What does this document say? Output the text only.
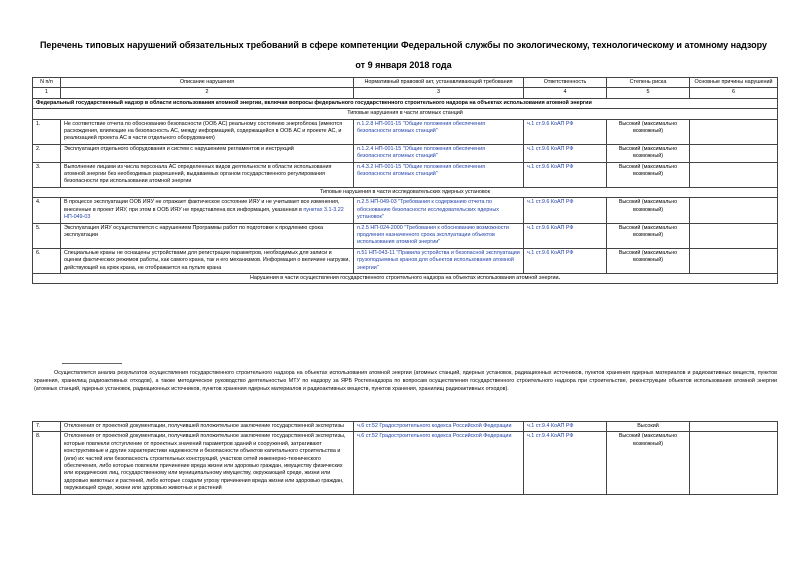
Перечень типовых нарушений обязательных требований в сфере компетенции Федеральной службы по экологическому, технологическому и атомному надзору
от 9 января 2018 года
N п/п	Описание нарушения	Нормативный правовой акт, устанавливающий требования	Ответственность	Степень риска	Основные причины нарушений
1	2	3	4	5	6
Федеральный государственный надзор в области использования атомной энергии, включая вопросы федерального государственного строительного надзора на объектах использования атомной энергии					
Типовые нарушения в части атомных станций					
1.	Не соответствие отчета по обоснованию безопасности (ООБ АС) реальному состоянию энергоблока (имеются расхождения, влияющие на безопасность АС, между информацией, содержащейся в ООБ АС и проекте АС, и реализацией проекта АС в части отдельного оборудования)	п.1.2.8 НП-001-15 "Общие положения обеспечения безопасности атомных станций"	ч.1 ст.9.6 КоАП РФ	Высокий (максимально возможный)	
2.	Эксплуатация отдельного оборудования и систем с нарушением регламентов и инструкций	п.1.2.4 НП-001-15 "Общие положения обеспечения безопасности атомных станций"	ч.1 ст.9.6 КоАП РФ	Высокий (максимально возможный)	
3.	Выполнение лицами из числа персонала АС определенных видов деятельности в области использования атомной энергии без необходимых разрешений, выдаваемых органом государственного регулирования безопасности при использовании атомной энергии	п.4.3.2 НП-001-15 "Общие положения обеспечения безопасности атомных станций"	ч.1 ст.9.6 КоАП РФ	Высокий (максимально возможный)	
Типовые нарушения в части исследовательских ядерных установок					
4.	В процессе эксплуатации ООБ ИЯУ не отражает фактическое состояние ИЯУ и не учитывает все изменения, внесенные в проект ИЯУ, при этом в ООБ ИЯУ не представлена вся информация, указанная в пунктах 3.1-3.22 НП-049-03	п.2.5 НП-049-03 "Требования к содержанию отчета по обоснованию безопасности исследовательских ядерных установок"	ч.1 ст.9.6 КоАП РФ	Высокий (максимально возможный)	
5.	Эксплуатация ИЯУ осуществляется с нарушением Программы работ по подготовке к продлению срока эксплуатации	п.2.5 НП-024-2000 "Требования к обоснованию возможности продления назначенного срока эксплуатации объектов использования атомной энергии"	ч.1 ст.9.6 КоАП РФ	Высокий (максимально возможный)	
6.	Специальные краны не оснащены устройствами для регистрации параметров, необходимых для записи и оценки фактических режимов работы, как самого крана, так и его механизмов. Информация о величине нагрузки, действующей на крюк крана, не отображается на пульте крана	п.51 НП-043-11 "Правила устройства и безопасной эксплуатации грузоподъемных кранов для объектов использования атомной энергии"	ч.1 ст.9.6 КоАП РФ	Высокий (максимально возможный)	
Нарушения в части осуществления государственного строительного надзора на объектах использования атомной энергии.					
Осуществляется анализ результатов осуществления государственного строительного надзора на объектах использования атомной энергии (атомных станций, ядерных установок, радиационных источников, пунктов хранения ядерных материалов и радиоактивных веществ, пунктов хранения, хранилищ радиоактивных отходов), а также методическое руководство деятельностью МТУ по надзору за ЯРБ Ростехнадзора по вопросам осуществления государственного строительного надзора при строительстве, реконструкции объектов использования атомной энергии (атомных станций, ядерных установок, радиационных источников, пунктов хранения ядерных материалов и радиоактивных веществ, пунктов хранения, хранилищ радиоактивных отходов).
7.	Отклонения от проектной документации, получившей положительное заключение государственной экспертизы	ч.6 ст.52 Градостроительного кодекса Российской Федерации	ч.1 ст.9.4 КоАП РФ	Высокий	
8.	Отклонения от проектной документации, получившей положительное заключение государственной экспертизы, которые повлекли отступление от проектных значений параметров зданий и сооружений, затрагивают конструктивные и другие характеристики надежности и безопасности объектов капитального строительства и (или) их частей или безопасность строительных конструкций, участков сетей инженерно-технического обеспечения, либо которые повлекли причинение вреда жизни или здоровью граждан, имуществу физических или юридических лиц, государственному или муниципальному имуществу, окружающей среде, жизни или здоровью животных и растений, либо которые создали угрозу причинения вреда жизни или здоровью граждан, окружающей среде, жизни или здоровью животных и растений	ч.6 ст.52 Градостроительного кодекса Российской Федерации	ч.1 ст.9.4 КоАП РФ	Высокий (максимально возможный)	
